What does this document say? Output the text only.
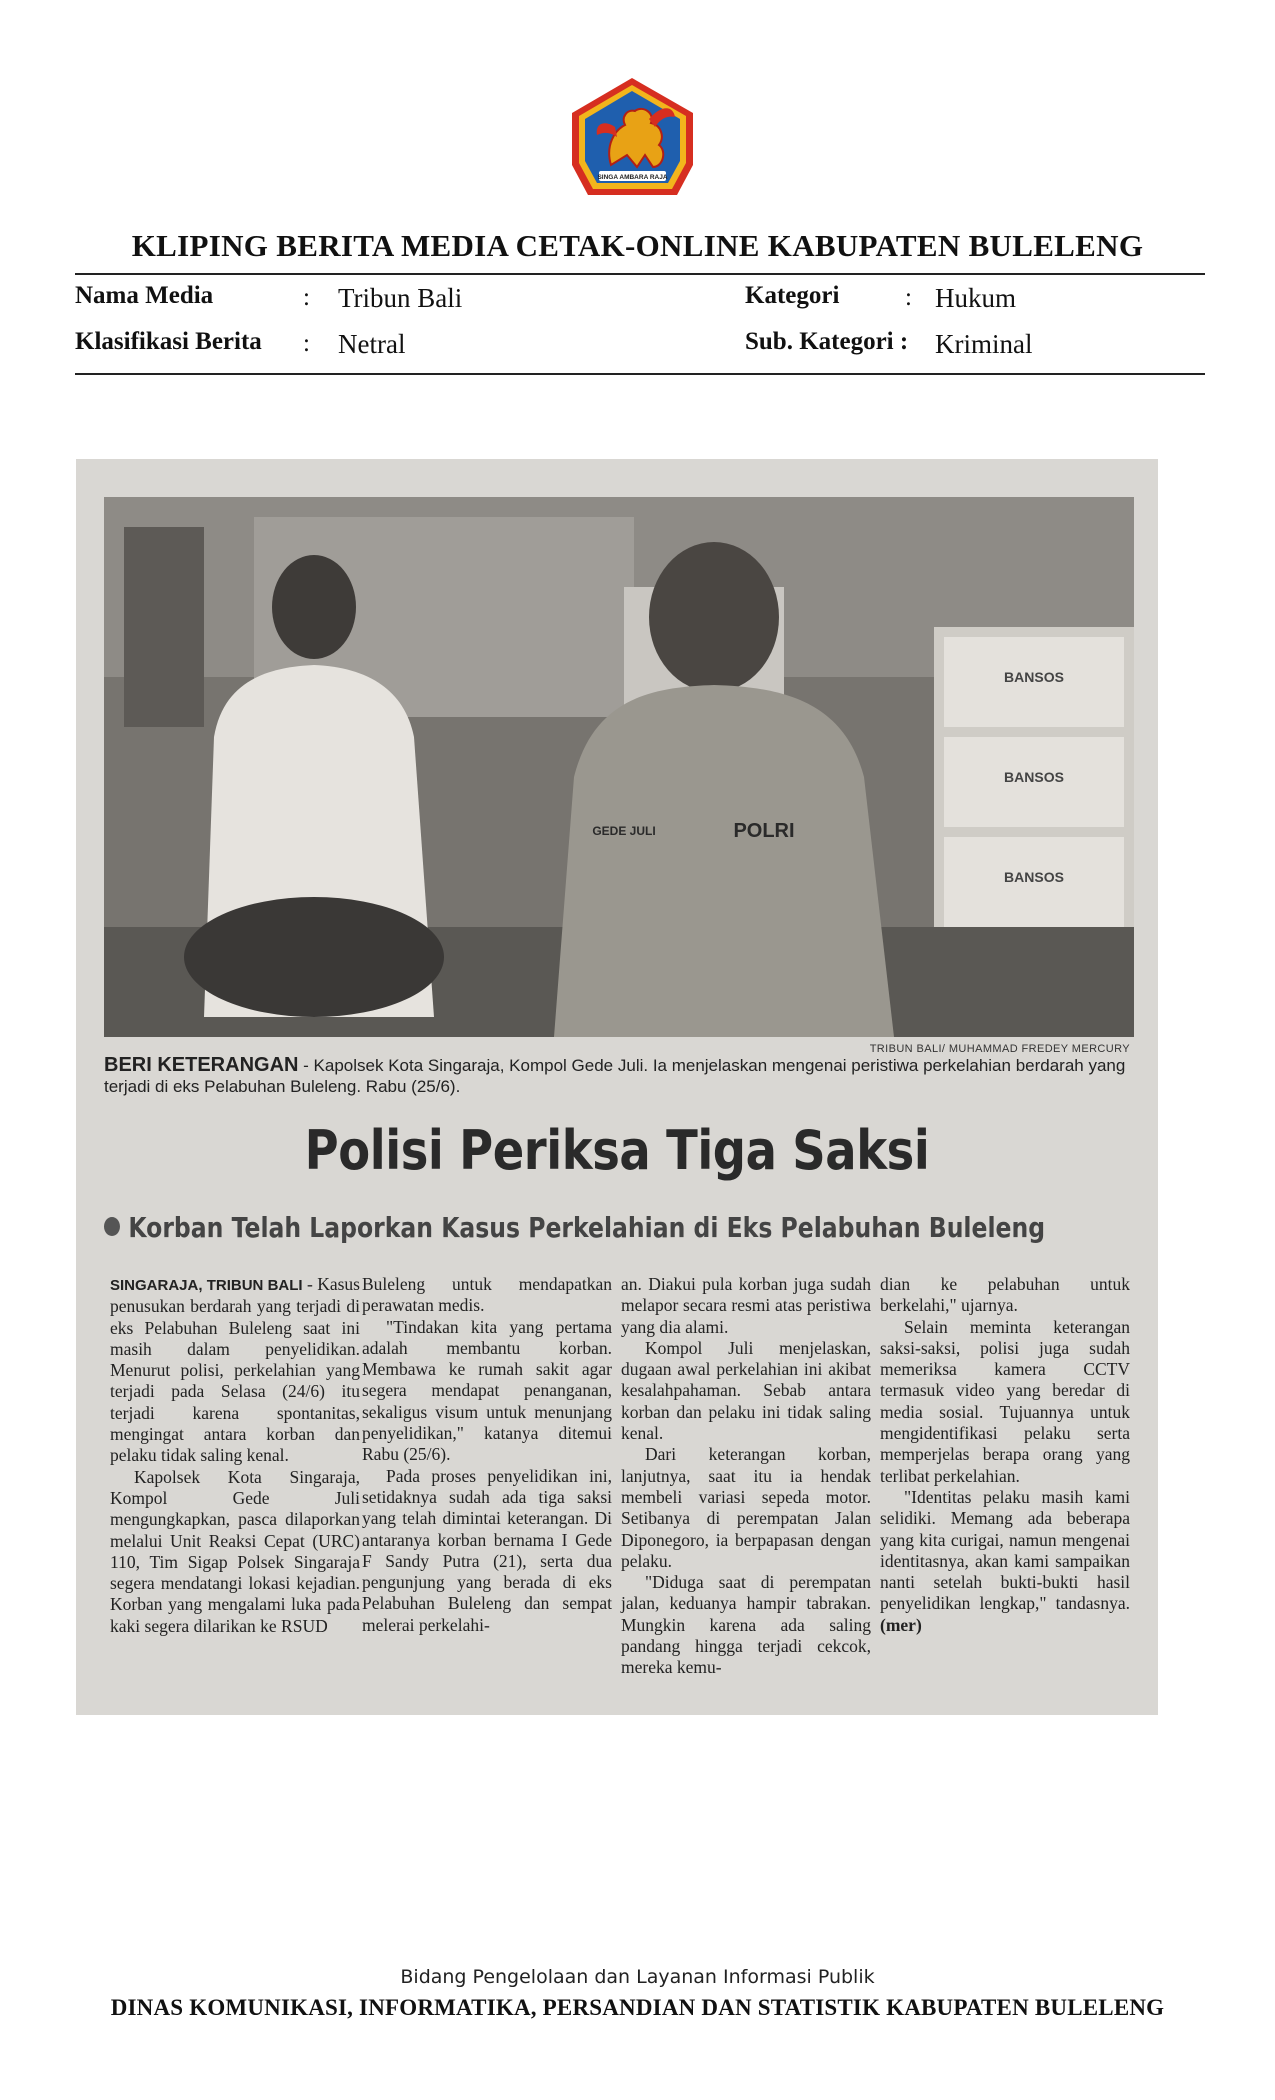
SINGA AMBARA RAJA
KLIPING BERITA MEDIA CETAK-ONLINE KABUPATEN BULELENG
Nama Media	: Tribun Bali
Klasifikasi Berita : Netral
Kategori	: Hukum
Sub. Kategori : Kriminal
BANSOS
BANSOS
BANSOS
POLRI
GEDE JULI
TRIBUN BALI/ MUHAMMAD FREDEY MERCURY
BERI KETERANGAN - Kapolsek Kota Singaraja, Kompol Gede Juli. Ia menjelaskan mengenai peristiwa perkelahian berdarah yang terjadi di eks Pelabuhan Buleleng. Rabu (25/6).
Polisi Periksa Tiga Saksi
Korban Telah Laporkan Kasus Perkelahian di Eks Pelabuhan Buleleng

SINGARAJA, TRIBUN BALI - Kasus penusukan berdarah yang terjadi di eks Pelabuhan Buleleng saat ini masih dalam penyelidikan. Menurut polisi, perkelahian yang terjadi pada Selasa (24/6) itu terjadi karena spontanitas, mengingat antara korban dan pelaku tidak saling kenal.

Kapolsek Kota Singaraja, Kompol Gede Juli mengungkapkan, pasca dilaporkan melalui Unit Reaksi Cepat (URC) 110, Tim Sigap Polsek Singaraja segera mendatangi lokasi kejadian. Korban yang mengalami luka pada kaki segera dilarikan ke RSUD

Buleleng untuk mendapatkan perawatan medis.

"Tindakan kita yang pertama adalah membantu korban. Membawa ke rumah sakit agar segera mendapat penanganan, sekaligus visum untuk menunjang penyelidikan," katanya ditemui Rabu (25/6).

Pada proses penyelidikan ini, setidaknya sudah ada tiga saksi yang telah dimintai keterangan. Di antaranya korban bernama I Gede F Sandy Putra (21), serta dua pengunjung yang berada di eks Pelabuhan Buleleng dan sempat melerai perkelahi-

an. Diakui pula korban juga sudah melapor secara resmi atas peristiwa yang dia alami.

Kompol Juli menjelaskan, dugaan awal perkelahian ini akibat kesalahpahaman. Sebab antara korban dan pelaku ini tidak saling kenal.

Dari keterangan korban, lanjutnya, saat itu ia hendak membeli variasi sepeda motor. Setibanya di perempatan Jalan Diponegoro, ia berpapasan dengan pelaku.

"Diduga saat di perempatan jalan, keduanya hampir tabrakan. Mungkin karena ada saling pandang hingga terjadi cekcok, mereka kemu-

dian ke pelabuhan untuk berkelahi," ujarnya.

Selain meminta keterangan saksi-saksi, polisi juga sudah memeriksa kamera CCTV termasuk video yang beredar di media sosial. Tujuannya untuk mengidentifikasi pelaku serta memperjelas berapa orang yang terlibat perkelahian.

"Identitas pelaku masih kami selidiki. Memang ada beberapa yang kita curigai, namun mengenai identitasnya, akan kami sampaikan nanti setelah bukti-bukti hasil penyelidikan lengkap," tandasnya. (mer)

Bidang Pengelolaan dan Layanan Informasi Publik
DINAS KOMUNIKASI, INFORMATIKA, PERSANDIAN DAN STATISTIK KABUPATEN BULELENG
